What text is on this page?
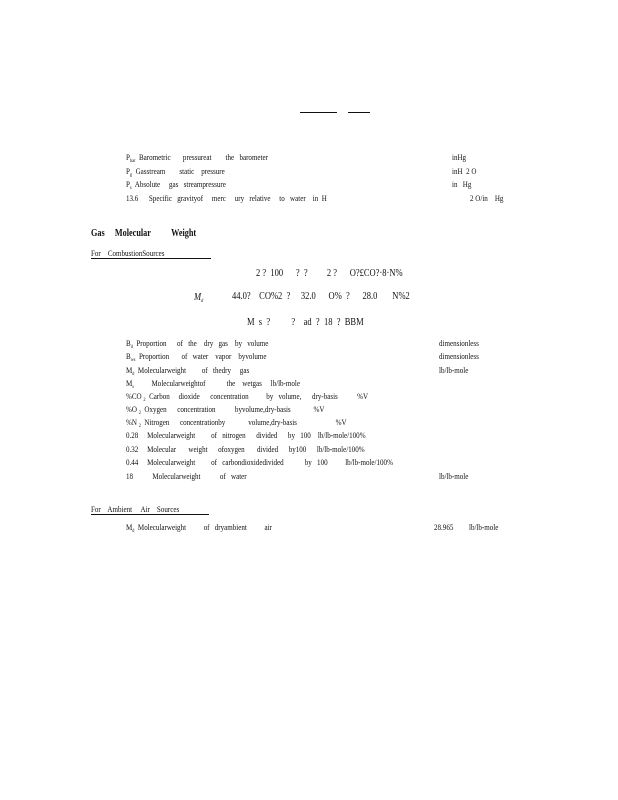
$P_{bar}$ Barometric       pressureat        the   barometer	inHg
$P_g$ Gasstream        static    pressure	inH  2 O
$P_s$ Absolute     gas   streampressure	in   Hg
13.6 Specific   gravityof     merc     ury   relative     to   water    in  H	2 O/in    Hg
Gas     Molecular          Weight
For    CombustionSources
2 ?  100      ?  ?         2 ?      O?£CO?·8·N%
$M_d$	44.0?    CO%2  ?     32.0      O%  ?      28.0       N%2
M  s  ?          ?    ad  ?  18  ?  BBM
$B_d$ Proportion      of   the    dry   gas    by   volume	dimensionless
$B_{ws}$ Proportion       of   water    vapor    byvolume	dimensionless
$M_d$ Molecularweight         of   thedry     gas	lb/lb-mole
$M_s$          Molecularweightof            the    wetgas     lb/lb-mole
%CO $_2$ Carbon     dioxide      concentration          by   volume,      dry-basis           %V
%O $_2$ Oxygen      concentration           byvolume,dry-basis             %V
%N $_2$ Nitrogen      concentrationby             volume,dry-basis                      %V
0.28 Molecularweight         of   nitrogen      divided      by   100    lb/lb-mole/100%
0.32 Molecular       weight      ofoxygen       divided      by100      lb/lb-mole/100%
0.44 Molecularweight         of   carbondioxidedivided            by   100          lb/lb-mole/100%
18           Molecularweight           of   water	lb/lb-mole
For    Ambient     Air    Sources
$M_d$ Molecularweight          of   dryambient          air	28.965 lb/lb-mole
